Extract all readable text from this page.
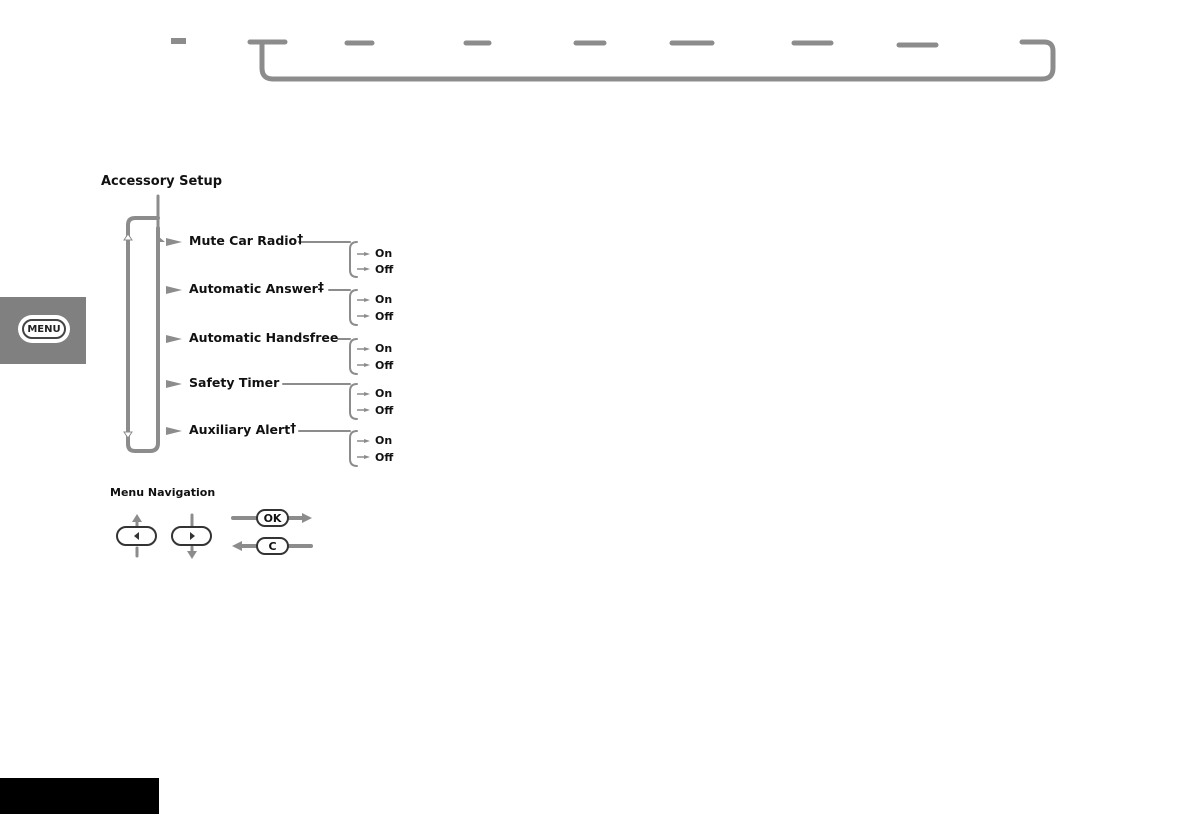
Accessory Setup
Mute Car Radio†
Automatic Answer‡
Automatic Handsfree
Safety Timer
Auxiliary Alert†
On
Off
On
Off
On
Off
On
Off
On
Off
Menu Navigation
OK
C
MENU
